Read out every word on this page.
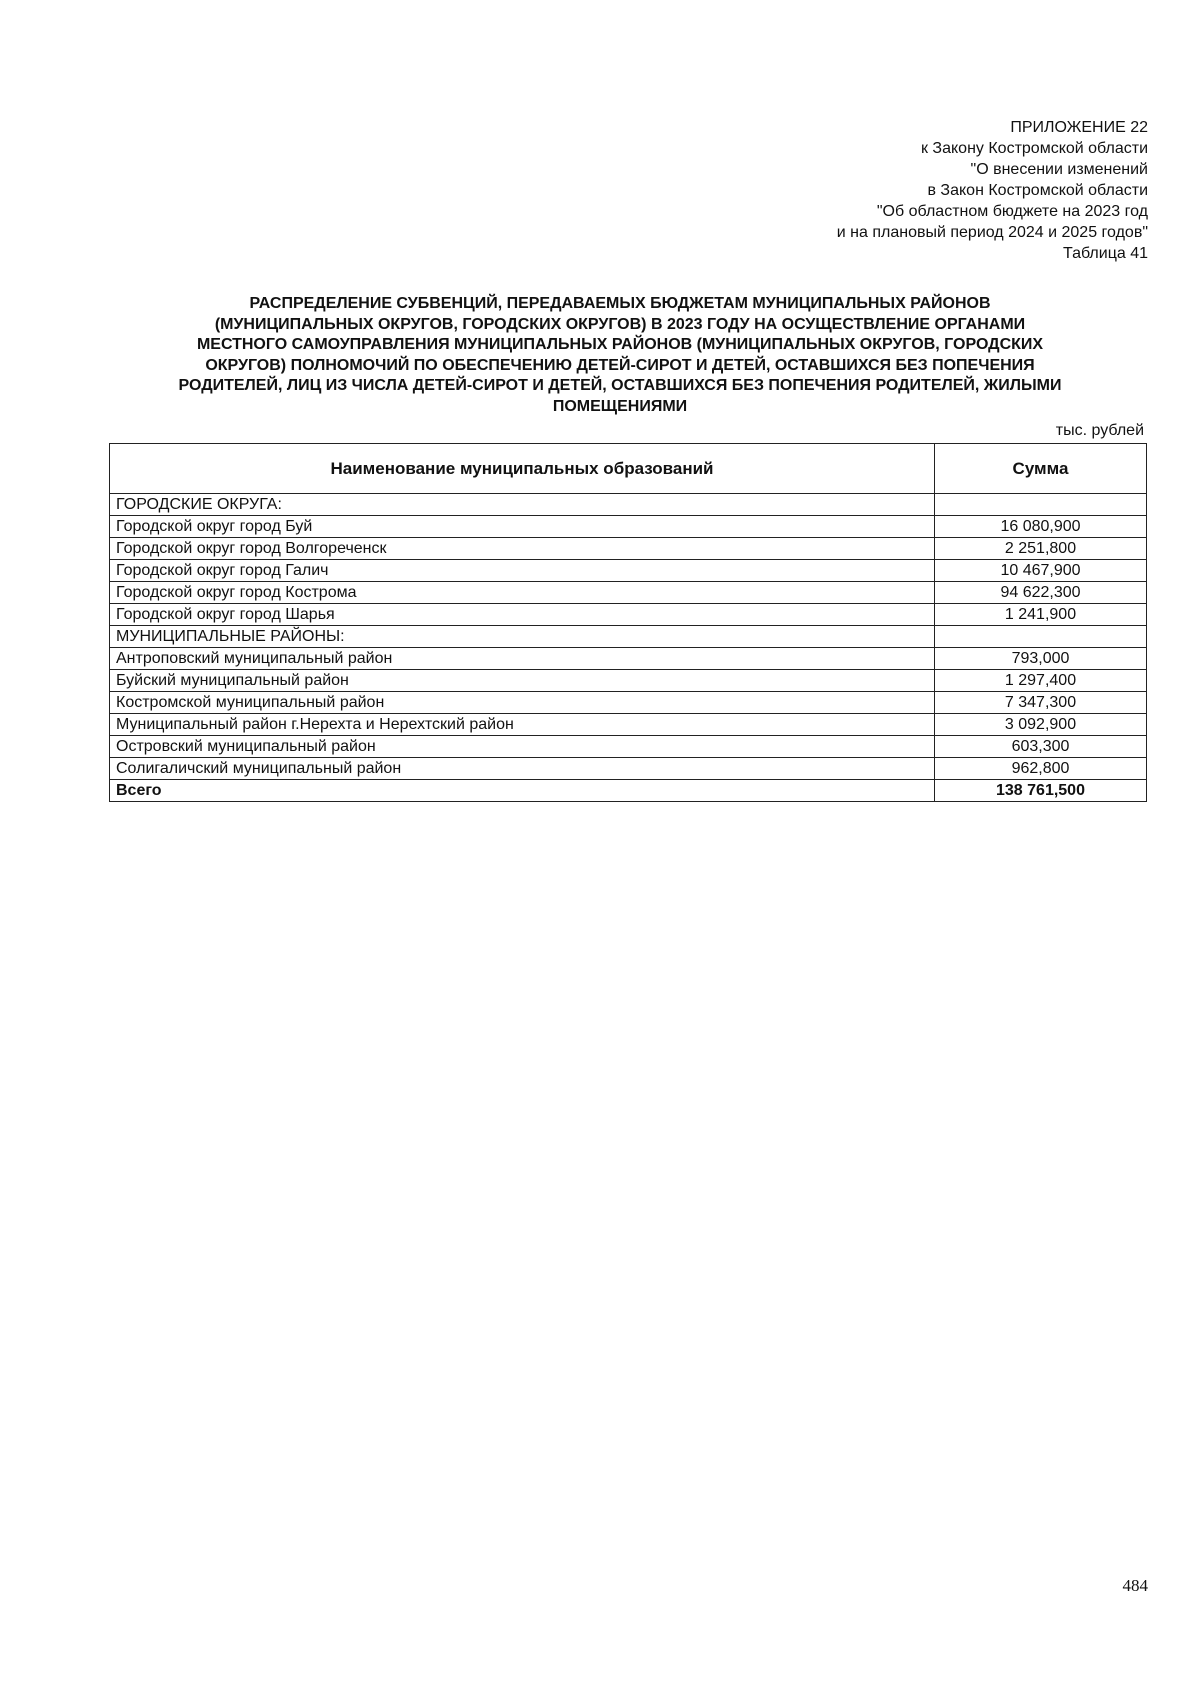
ПРИЛОЖЕНИЕ 22
к Закону Костромской области
"О внесении изменений
в Закон Костромской области
"Об областном бюджете на 2023 год
и на плановый период 2024 и 2025 годов"
Таблица 41
РАСПРЕДЕЛЕНИЕ СУБВЕНЦИЙ, ПЕРЕДАВАЕМЫХ БЮДЖЕТАМ МУНИЦИПАЛЬНЫХ РАЙОНОВ
(МУНИЦИПАЛЬНЫХ ОКРУГОВ, ГОРОДСКИХ ОКРУГОВ) В 2023 ГОДУ НА ОСУЩЕСТВЛЕНИЕ ОРГАНАМИ
МЕСТНОГО САМОУПРАВЛЕНИЯ МУНИЦИПАЛЬНЫХ РАЙОНОВ (МУНИЦИПАЛЬНЫХ ОКРУГОВ, ГОРОДСКИХ
ОКРУГОВ) ПОЛНОМОЧИЙ ПО ОБЕСПЕЧЕНИЮ ДЕТЕЙ-СИРОТ И ДЕТЕЙ, ОСТАВШИХСЯ БЕЗ ПОПЕЧЕНИЯ
РОДИТЕЛЕЙ, ЛИЦ ИЗ ЧИСЛА ДЕТЕЙ-СИРОТ И ДЕТЕЙ, ОСТАВШИХСЯ БЕЗ ПОПЕЧЕНИЯ РОДИТЕЛЕЙ, ЖИЛЫМИ
ПОМЕЩЕНИЯМИ
тыс. рублей
Наименование муниципальных образований	Сумма
ГОРОДСКИЕ ОКРУГА:	
Городской округ город Буй	16 080,900
Городской округ город Волгореченск	2 251,800
Городской округ город Галич	10 467,900
Городской округ город Кострома	94 622,300
Городской округ город Шарья	1 241,900
МУНИЦИПАЛЬНЫЕ РАЙОНЫ:	
Антроповский муниципальный район	793,000
Буйский муниципальный район	1 297,400
Костромской муниципальный район	7 347,300
Муниципальный район г.Нерехта и Нерехтский район	3 092,900
Островский муниципальный район	603,300
Солигаличский муниципальный район	962,800
Всего	138 761,500
484
